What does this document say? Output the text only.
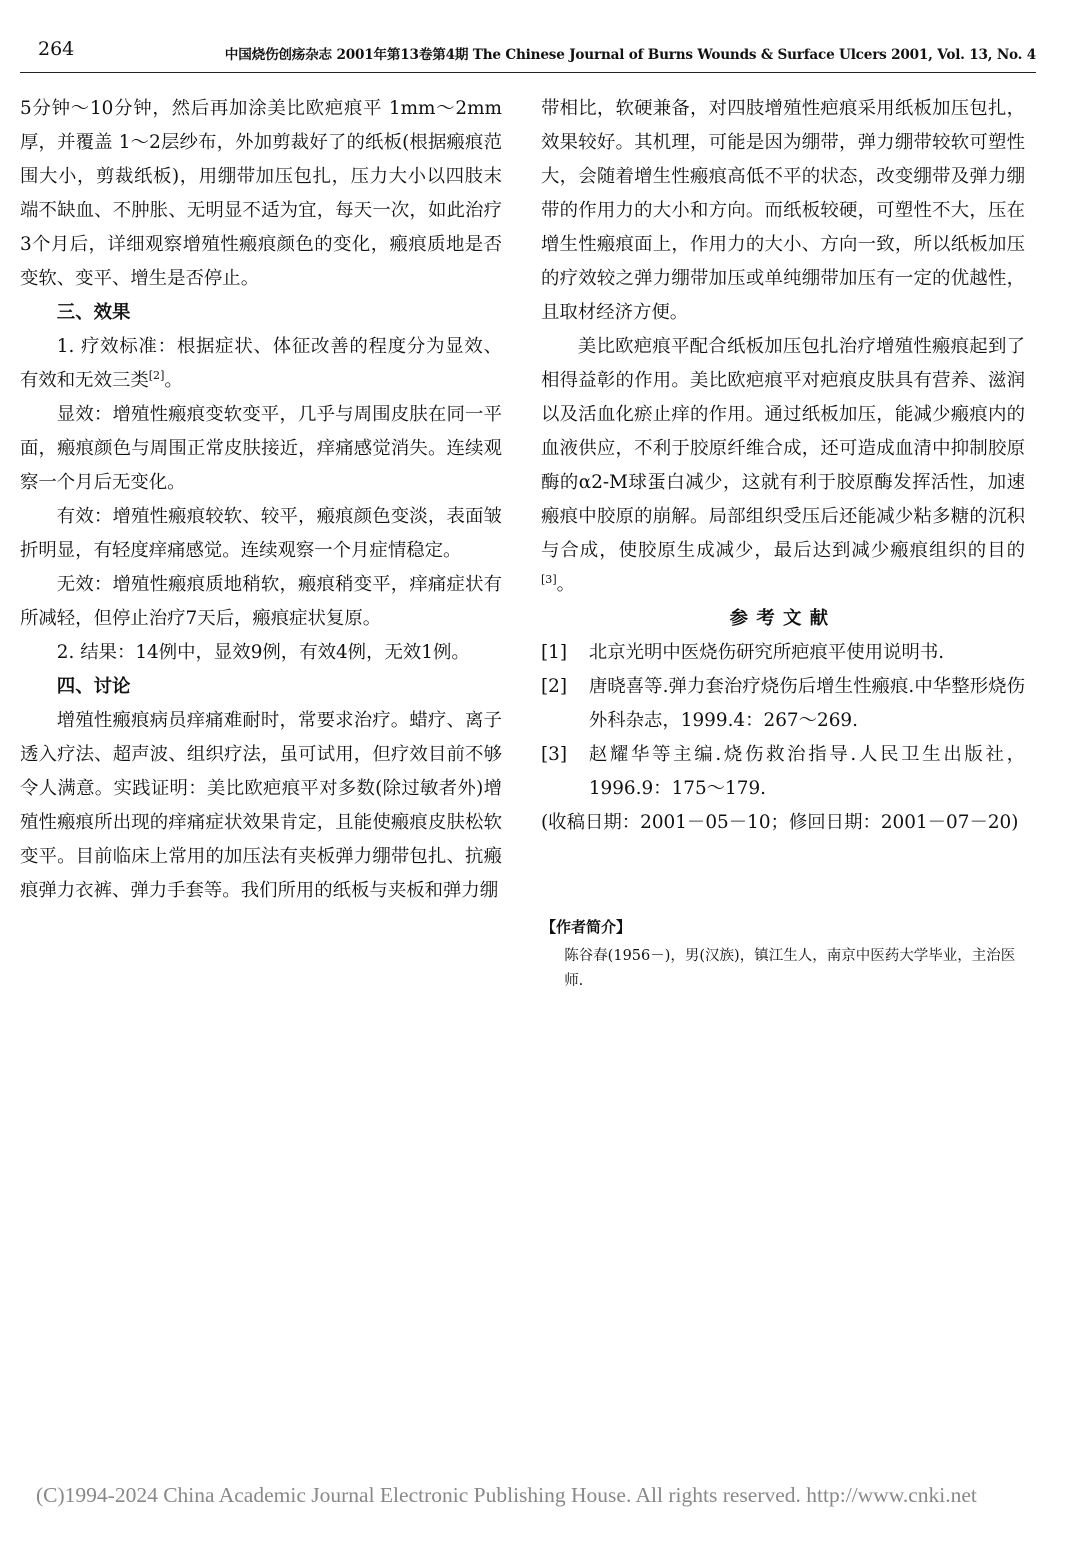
264	中国烧伤创疡杂志 2001年第13卷第4期 The Chinese Journal of Burns Wounds & Surface Ulcers 2001, Vol. 13, No. 4

5分钟～10分钟，然后再加涂美比欧疤痕平 1mm～2mm厚，并覆盖 1～2层纱布，外加剪裁好了的纸板(根据瘢痕范围大小，剪裁纸板)，用绷带加压包扎，压力大小以四肢末端不缺血、不肿胀、无明显不适为宜，每天一次，如此治疗3个月后，详细观察增殖性瘢痕颜色的变化，瘢痕质地是否变软、变平、增生是否停止。

三、效果

1. 疗效标准：根据症状、体征改善的程度分为显效、有效和无效三类[2]。

显效：增殖性瘢痕变软变平，几乎与周围皮肤在同一平面，瘢痕颜色与周围正常皮肤接近，痒痛感觉消失。连续观察一个月后无变化。

有效：增殖性瘢痕较软、较平，瘢痕颜色变淡，表面皱折明显，有轻度痒痛感觉。连续观察一个月症情稳定。

无效：增殖性瘢痕质地稍软，瘢痕稍变平，痒痛症状有所减轻，但停止治疗7天后，瘢痕症状复原。

2. 结果：14例中，显效9例，有效4例，无效1例。

四、讨论

增殖性瘢痕病员痒痛难耐时，常要求治疗。蜡疗、离子透入疗法、超声波、组织疗法，虽可试用，但疗效目前不够令人满意。实践证明：美比欧疤痕平对多数(除过敏者外)增殖性瘢痕所出现的痒痛症状效果肯定，且能使瘢痕皮肤松软变平。目前临床上常用的加压法有夹板弹力绷带包扎、抗瘢痕弹力衣裤、弹力手套等。我们所用的纸板与夹板和弹力绷

带相比，软硬兼备，对四肢增殖性疤痕采用纸板加压包扎，效果较好。其机理，可能是因为绷带，弹力绷带较软可塑性大，会随着增生性瘢痕高低不平的状态，改变绷带及弹力绷带的作用力的大小和方向。而纸板较硬，可塑性不大，压在增生性瘢痕面上，作用力的大小、方向一致，所以纸板加压的疗效较之弹力绷带加压或单纯绷带加压有一定的优越性，且取材经济方便。

美比欧疤痕平配合纸板加压包扎治疗增殖性瘢痕起到了相得益彰的作用。美比欧疤痕平对疤痕皮肤具有营养、滋润以及活血化瘀止痒的作用。通过纸板加压，能减少瘢痕内的血液供应，不利于胶原纤维合成，还可造成血清中抑制胶原酶的α2-M球蛋白减少，这就有利于胶原酶发挥活性，加速瘢痕中胶原的崩解。局部组织受压后还能减少粘多糖的沉积与合成，使胶原生成减少，最后达到减少瘢痕组织的目的[3]。

参考文献

[1]	北京光明中医烧伤研究所疤痕平使用说明书.
[2]	唐晓喜等.弹力套治疗烧伤后增生性瘢痕.中华整形烧伤外科杂志，1999.4：267～269.
[3]	赵耀华等主编.烧伤救治指导.人民卫生出版社，1996.9：175～179.

(收稿日期：2001－05－10；修回日期：2001－07－20)

【作者简介】

陈谷春(1956－)，男(汉族)，镇江生人，南京中医药大学毕业，主治医师.

(C)1994-2024 China Academic Journal Electronic Publishing House. All rights reserved. http://www.cnki.net
